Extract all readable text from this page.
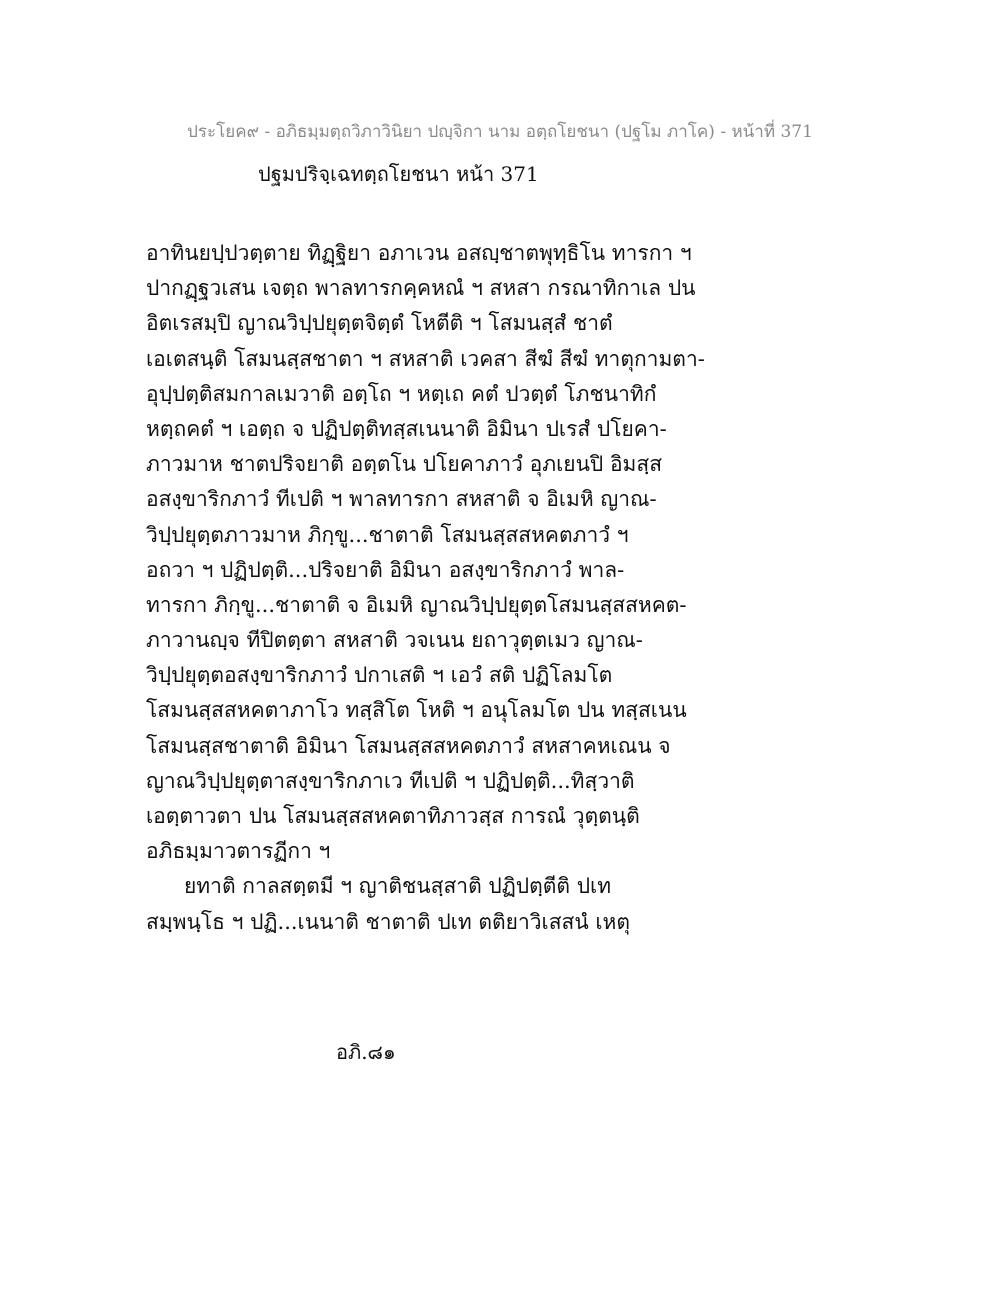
ประโยค๙ - อภิธมฺมตฺถวิภาวินิยา ปญฺจิกา นาม อตฺถโยชนา (ปฐโม ภาโค) - หน้าที่ 371
ปฐมปริจฺเฉทตฺถโยชนา หน้า 371
อาทินยปฺปวตฺตาย ทิฏฺฐิยา อภาเวน อสญฺชาตพุทฺธิโน ทารกา ฯ
ปากฏฺฐวเสน เจตฺถ พาลทารกคฺคหณํ ฯ สหสา กรณาทิกาเล ปน
อิตเรสมฺปิ ญาณวิปฺปยุตฺตจิตฺตํ โหตีติ ฯ โสมนสฺสํ ชาตํ
เอเตสนฺติ โสมนสฺสชาตา ฯ สหสาติ เวคสา สีฆํ สีฆํ ทาตุกามตา-
อุปฺปตฺติสมกาลเมวาติ อตฺโถ ฯ หตฺเถ คตํ ปวตฺตํ โภชนาทิกํ
หตฺถคตํ ฯ เอตฺถ จ ปฏิปตฺติทสฺสเนนาติ อิมินา ปเรสํ ปโยคา-
ภาวมาห ชาตปริจยาติ อตฺตโน ปโยคาภาวํ อุภเยนปิ อิมสฺส
อสงฺขาริกภาวํ ทีเปติ ฯ พาลทารกา สหสาติ จ อิเมหิ ญาณ-
วิปฺปยุตฺตภาวมาห ภิกฺขู...ชาตาติ โสมนสฺสสหคตภาวํ ฯ
อถวา ฯ ปฏิปตฺติ...ปริจยาติ อิมินา อสงฺขาริกภาวํ พาล-
ทารกา ภิกฺขู...ชาตาติ จ อิเมหิ ญาณวิปฺปยุตฺตโสมนสฺสสหคต-
ภาวานญฺจ ทีปิตตฺตา สหสาติ วจเนน ยถาวุตฺตเมว ญาณ-
วิปฺปยุตฺตอสงฺขาริกภาวํ ปกาเสติ ฯ เอวํ สติ ปฏิโลมโต
โสมนสฺสสหคตาภาโว ทสฺสิโต โหติ ฯ อนุโลมโต ปน ทสฺสเนน
โสมนสฺสชาตาติ อิมินา โสมนสฺสสหคตภาวํ สหสาคหเณน จ
ญาณวิปฺปยุตฺตาสงฺขาริกภาเว ทีเปติ ฯ ปฏิปตฺติ...ทิสฺวาติ
เอตฺตาวตา ปน โสมนสฺสสหคตาทิภาวสฺส การณํ วุตฺตนฺติ
อภิธมฺมาวตารฏีกา ฯ
ยทาติ กาลสตฺตมี ฯ ญาติชนสฺสาติ ปฏิปตฺตีติ ปเท
สมฺพนฺโธ ฯ ปฏิ...เนนาติ ชาตาติ ปเท ตติยาวิเสสนํ เหตุ
อภิ.๘๑
